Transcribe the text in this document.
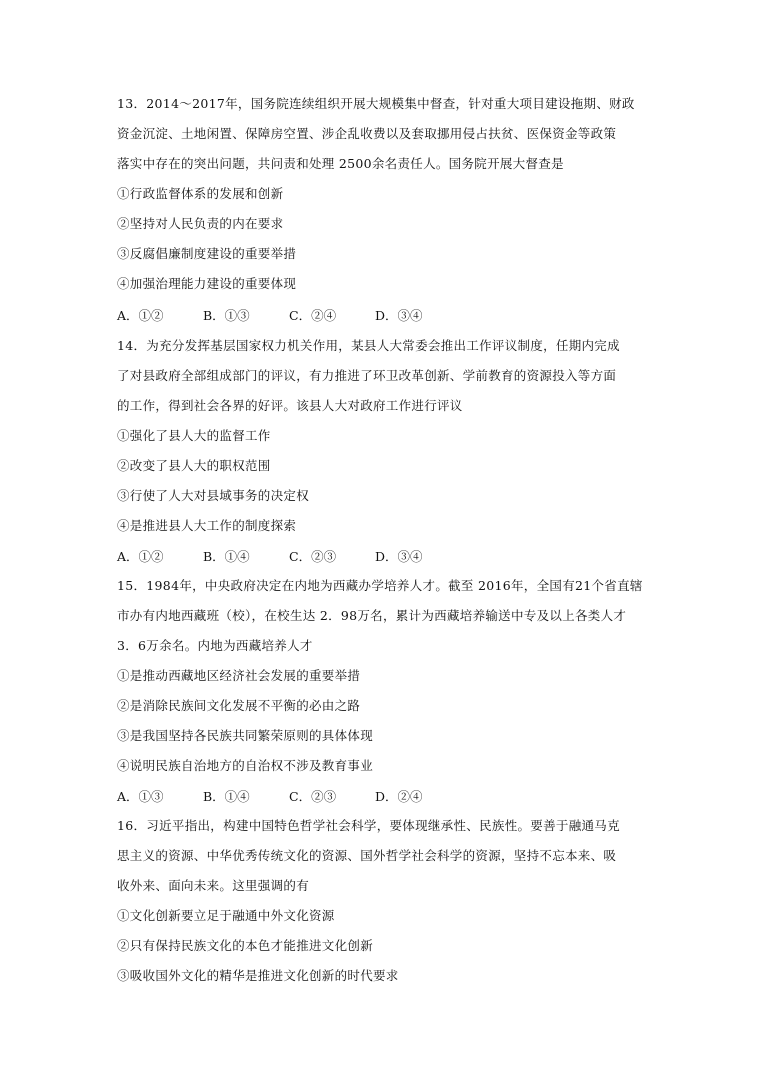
13．2014～2017年，国务院连续组织开展大规模集中督查，针对重大项目建设拖期、财政
资金沉淀、土地闲置、保障房空置、涉企乱收费以及套取挪用侵占扶贫、医保资金等政策
落实中存在的突出问题，共问责和处理 2500余名责任人。国务院开展大督查是
①行政监督体系的发展和创新
②坚持对人民负责的内在要求
③反腐倡廉制度建设的重要举措
④加强治理能力建设的重要体现
A．①②	B．①③	C．②④	D．③④
14．为充分发挥基层国家权力机关作用，某县人大常委会推出工作评议制度，任期内完成
了对县政府全部组成部门的评议，有力推进了环卫改革创新、学前教育的资源投入等方面
的工作，得到社会各界的好评。该县人大对政府工作进行评议
①强化了县人大的监督工作
②改变了县人大的职权范围
③行使了人大对县域事务的决定权
④是推进县人大工作的制度探索
A．①②	B．①④	C．②③	D．③④
15．1984年，中央政府决定在内地为西藏办学培养人才。截至 2016年，全国有21个省直辖
市办有内地西藏班（校），在校生达 2．98万名，累计为西藏培养输送中专及以上各类人才
3．6万余名。内地为西藏培养人才
①是推动西藏地区经济社会发展的重要举措
②是消除民族间文化发展不平衡的必由之路
③是我国坚持各民族共同繁荣原则的具体体现
④说明民族自治地方的自治权不涉及教育事业
A．①③	B．①④	C．②③	D．②④
16．习近平指出，构建中国特色哲学社会科学，要体现继承性、民族性。要善于融通马克
思主义的资源、中华优秀传统文化的资源、国外哲学社会科学的资源，坚持不忘本来、吸
收外来、面向未来。这里强调的有
①文化创新要立足于融通中外文化资源
②只有保持民族文化的本色才能推进文化创新
③吸收国外文化的精华是推进文化创新的时代要求
